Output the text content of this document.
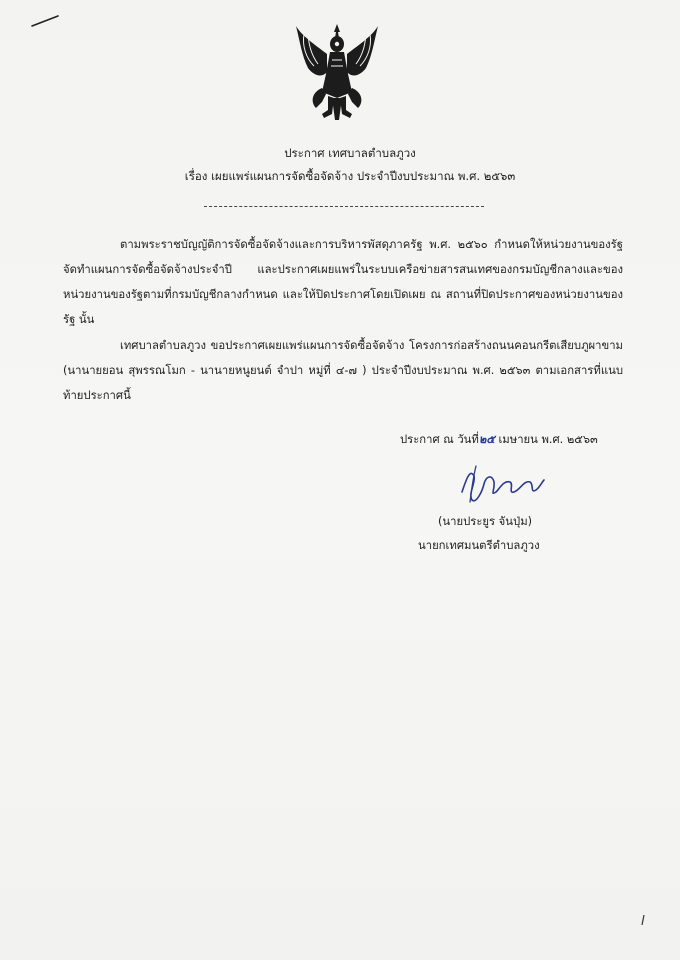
ประกาศ เทศบาลตำบลภูวง
เรื่อง เผยแพร่แผนการจัดซื้อจัดจ้าง ประจำปีงบประมาณ พ.ศ. ๒๕๖๓
ตามพระราชบัญญัติการจัดซื้อจัดจ้างและการบริหารพัสดุภาครัฐ พ.ศ. ๒๕๖๐ กำหนดให้หน่วยงานของรัฐจัดทำแผนการจัดซื้อจัดจ้างประจำปี และประกาศเผยแพร่ในระบบเครือข่ายสารสนเทศของกรมบัญชีกลางและของหน่วยงานของรัฐตามที่กรมบัญชีกลางกำหนด และให้ปิดประกาศโดยเปิดเผย ณ สถานที่ปิดประกาศของหน่วยงานของรัฐ นั้น
เทศบาลตำบลภูวง ขอประกาศเผยแพร่แผนการจัดซื้อจัดจ้าง โครงการก่อสร้างถนนคอนกรีตเสียบภูผาขาม (นานายยอน สุพรรณโมก - นานายหนูยนต์ จำปา หมู่ที่ ๔-๗ ) ประจำปีงบประมาณ พ.ศ. ๒๕๖๓ ตามเอกสารที่แนบท้ายประกาศนี้
ประกาศ ณ วันที่๒๕ เมษายน พ.ศ. ๒๕๖๓
(นายประยูร จันปุ่ม)
นายกเทศมนตรีตำบลภูวง
